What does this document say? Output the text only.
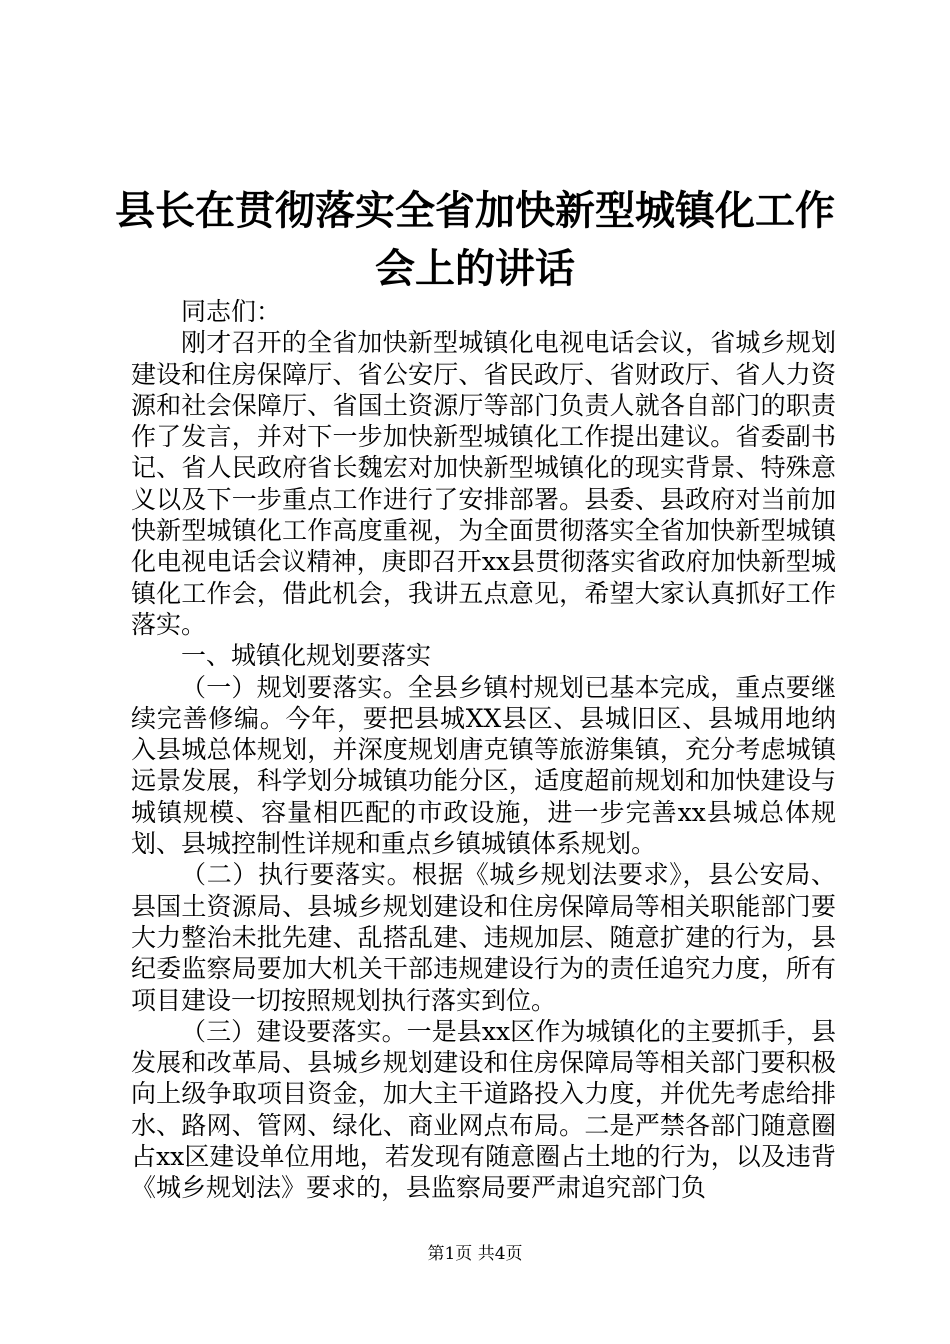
县长在贯彻落实全省加快新型城镇化工作会上的讲话

同志们：

刚才召开的全省加快新型城镇化电视电话会议，省城乡规划建设和住房保障厅、省公安厅、省民政厅、省财政厅、省人力资源和社会保障厅、省国土资源厅等部门负责人就各自部门的职责作了发言，并对下一步加快新型城镇化工作提出建议。省委副书记、省人民政府省长魏宏对加快新型城镇化的现实背景、特殊意义以及下一步重点工作进行了安排部署。县委、县政府对当前加快新型城镇化工作高度重视，为全面贯彻落实全省加快新型城镇化电视电话会议精神，庚即召开xx县贯彻落实省政府加快新型城镇化工作会，借此机会，我讲五点意见，希望大家认真抓好工作落实。

一、城镇化规划要落实

（一）规划要落实。全县乡镇村规划已基本完成，重点要继续完善修编。今年，要把县城XX县区、县城旧区、县城用地纳入县城总体规划，并深度规划唐克镇等旅游集镇，充分考虑城镇远景发展，科学划分城镇功能分区，适度超前规划和加快建设与城镇规模、容量相匹配的市政设施，进一步完善xx县城总体规划、县城控制性详规和重点乡镇城镇体系规划。

（二）执行要落实。根据《城乡规划法要求》，县公安局、县国土资源局、县城乡规划建设和住房保障局等相关职能部门要大力整治未批先建、乱搭乱建、违规加层、随意扩建的行为，县纪委监察局要加大机关干部违规建设行为的责任追究力度，所有项目建设一切按照规划执行落实到位。

（三）建设要落实。一是县xx区作为城镇化的主要抓手，县发展和改革局、县城乡规划建设和住房保障局等相关部门要积极向上级争取项目资金，加大主干道路投入力度，并优先考虑给排水、路网、管网、绿化、商业网点布局。二是严禁各部门随意圈占xx区建设单位用地，若发现有随意圈占土地的行为，以及违背《城乡规划法》要求的，县监察局要严肃追究部门负

第1页 共4页
